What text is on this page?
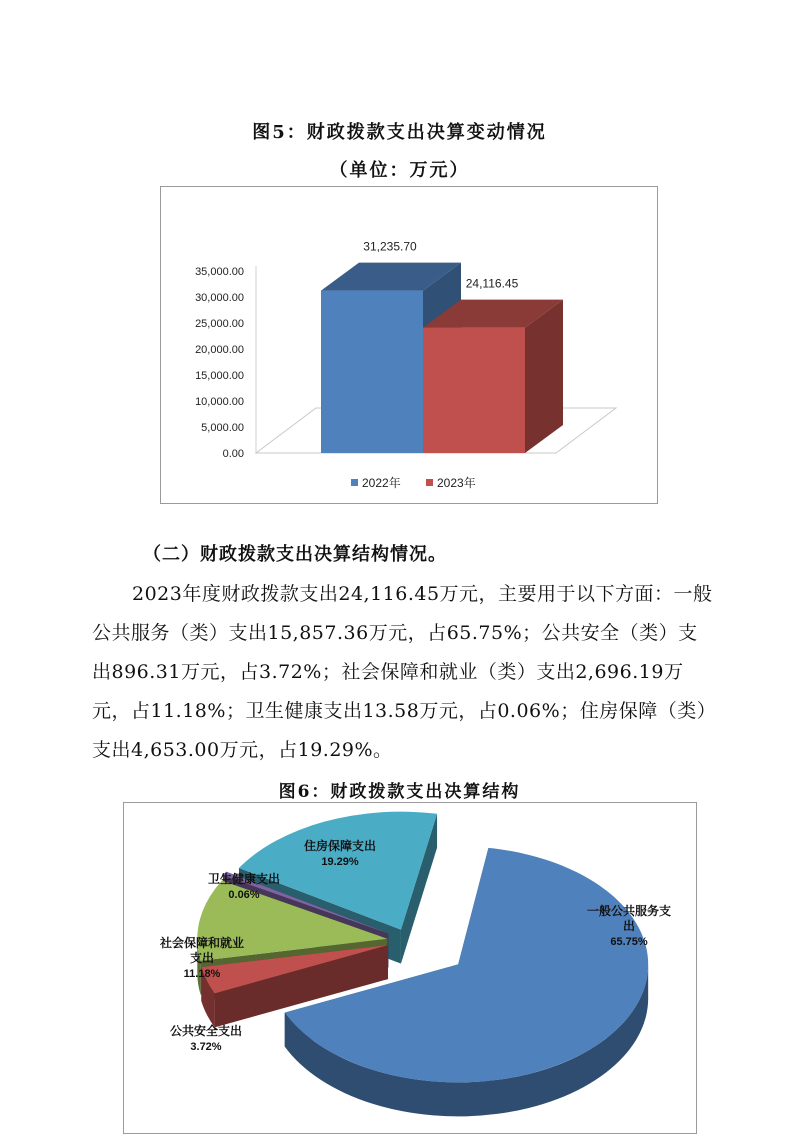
图5：财政拨款支出决算变动情况
（单位：万元）
35,000.00
30,000.00
25,000.00
20,000.00
15,000.00
10,000.00
5,000.00
0.00
31,235.70
24,116.45
2022年	2023年
（二）财政拨款支出决算结构情况。

2023年度财政拨款支出24,116.45万元，主要用于以下方面：一般公共服务（类）支出15,857.36万元，占65.75%；公共安全（类）支出896.31万元，占3.72%；社会保障和就业（类）支出2,696.19万元，占11.18%；卫生健康支出13.58万元，占0.06%；住房保障（类）支出4,653.00万元，占19.29%。

图6：财政拨款支出决算结构
一般公共服务支
出
65.75%
公共安全支出
3.72%
社会保障和就业
支出
11.18%
卫生健康支出
0.06%
住房保障支出
19.29%
